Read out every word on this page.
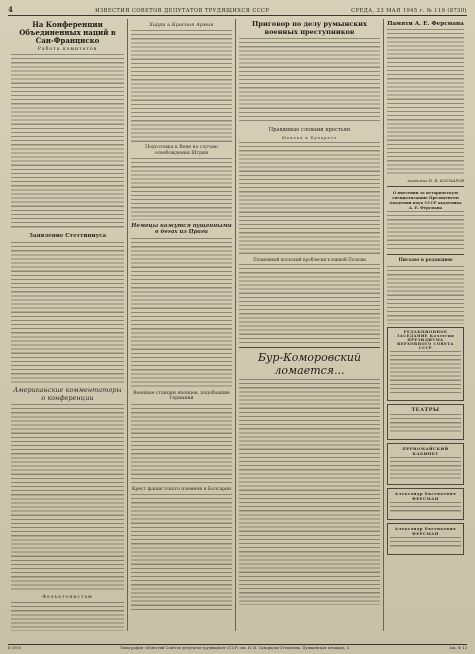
4	ИЗВЕСТИЯ СОВЕТОВ ДЕПУТАТОВ ТРУДЯЩИХСЯ СССР	СРЕДА, 23 МАЯ 1945 г. № 119 (8730)
На Конференции Объединенных наций в Сан-Франциско
Работа комитетов
Заявление Стеттиниуса
Американские комментаторы о конференции
Фельетонистам
Харри и Красная Армия
Подготовка к Вене по случаю освобождения Штрии
Немецы кажутся пущенными в бегах из Праги
Военные станции японцев, подобавшие Германии
Крест фашистского племени в Болгарии
Приговор по делу румынских военных преступников
Правдивые словами крестьян
Мачеха в Бухарест
Пламенный польский проблески в южной Польши
Бур-Коморовский ломается...
Памяти А. Е. Ферсмана
Академик И. Я. КОСМАРОВ
О внесении за историческую специализацию Президентом Академии наук СССР академика А. Е. Ферсмана
Письмо в редакцию
РЕДАКЦИОННОЕ ЗАСЕДАНИЕ Коллегии ПРЕЗИДИУМА ВЕРХОВНОГО СОВЕТА СССР
ТЕАТРЫ
ПЕРВОМАЙСКИЙ КАБИНЕТ
Александр Евгеньевич ФЕРСМАН
Александр Евгеньевич ФЕРСМАН
Б-3950	Типография «Известий Советов депутатов трудящихся СССР» им. И. И. Скворцова-Степанова. Пушкинская площадь, 5.	Зак. № 12
